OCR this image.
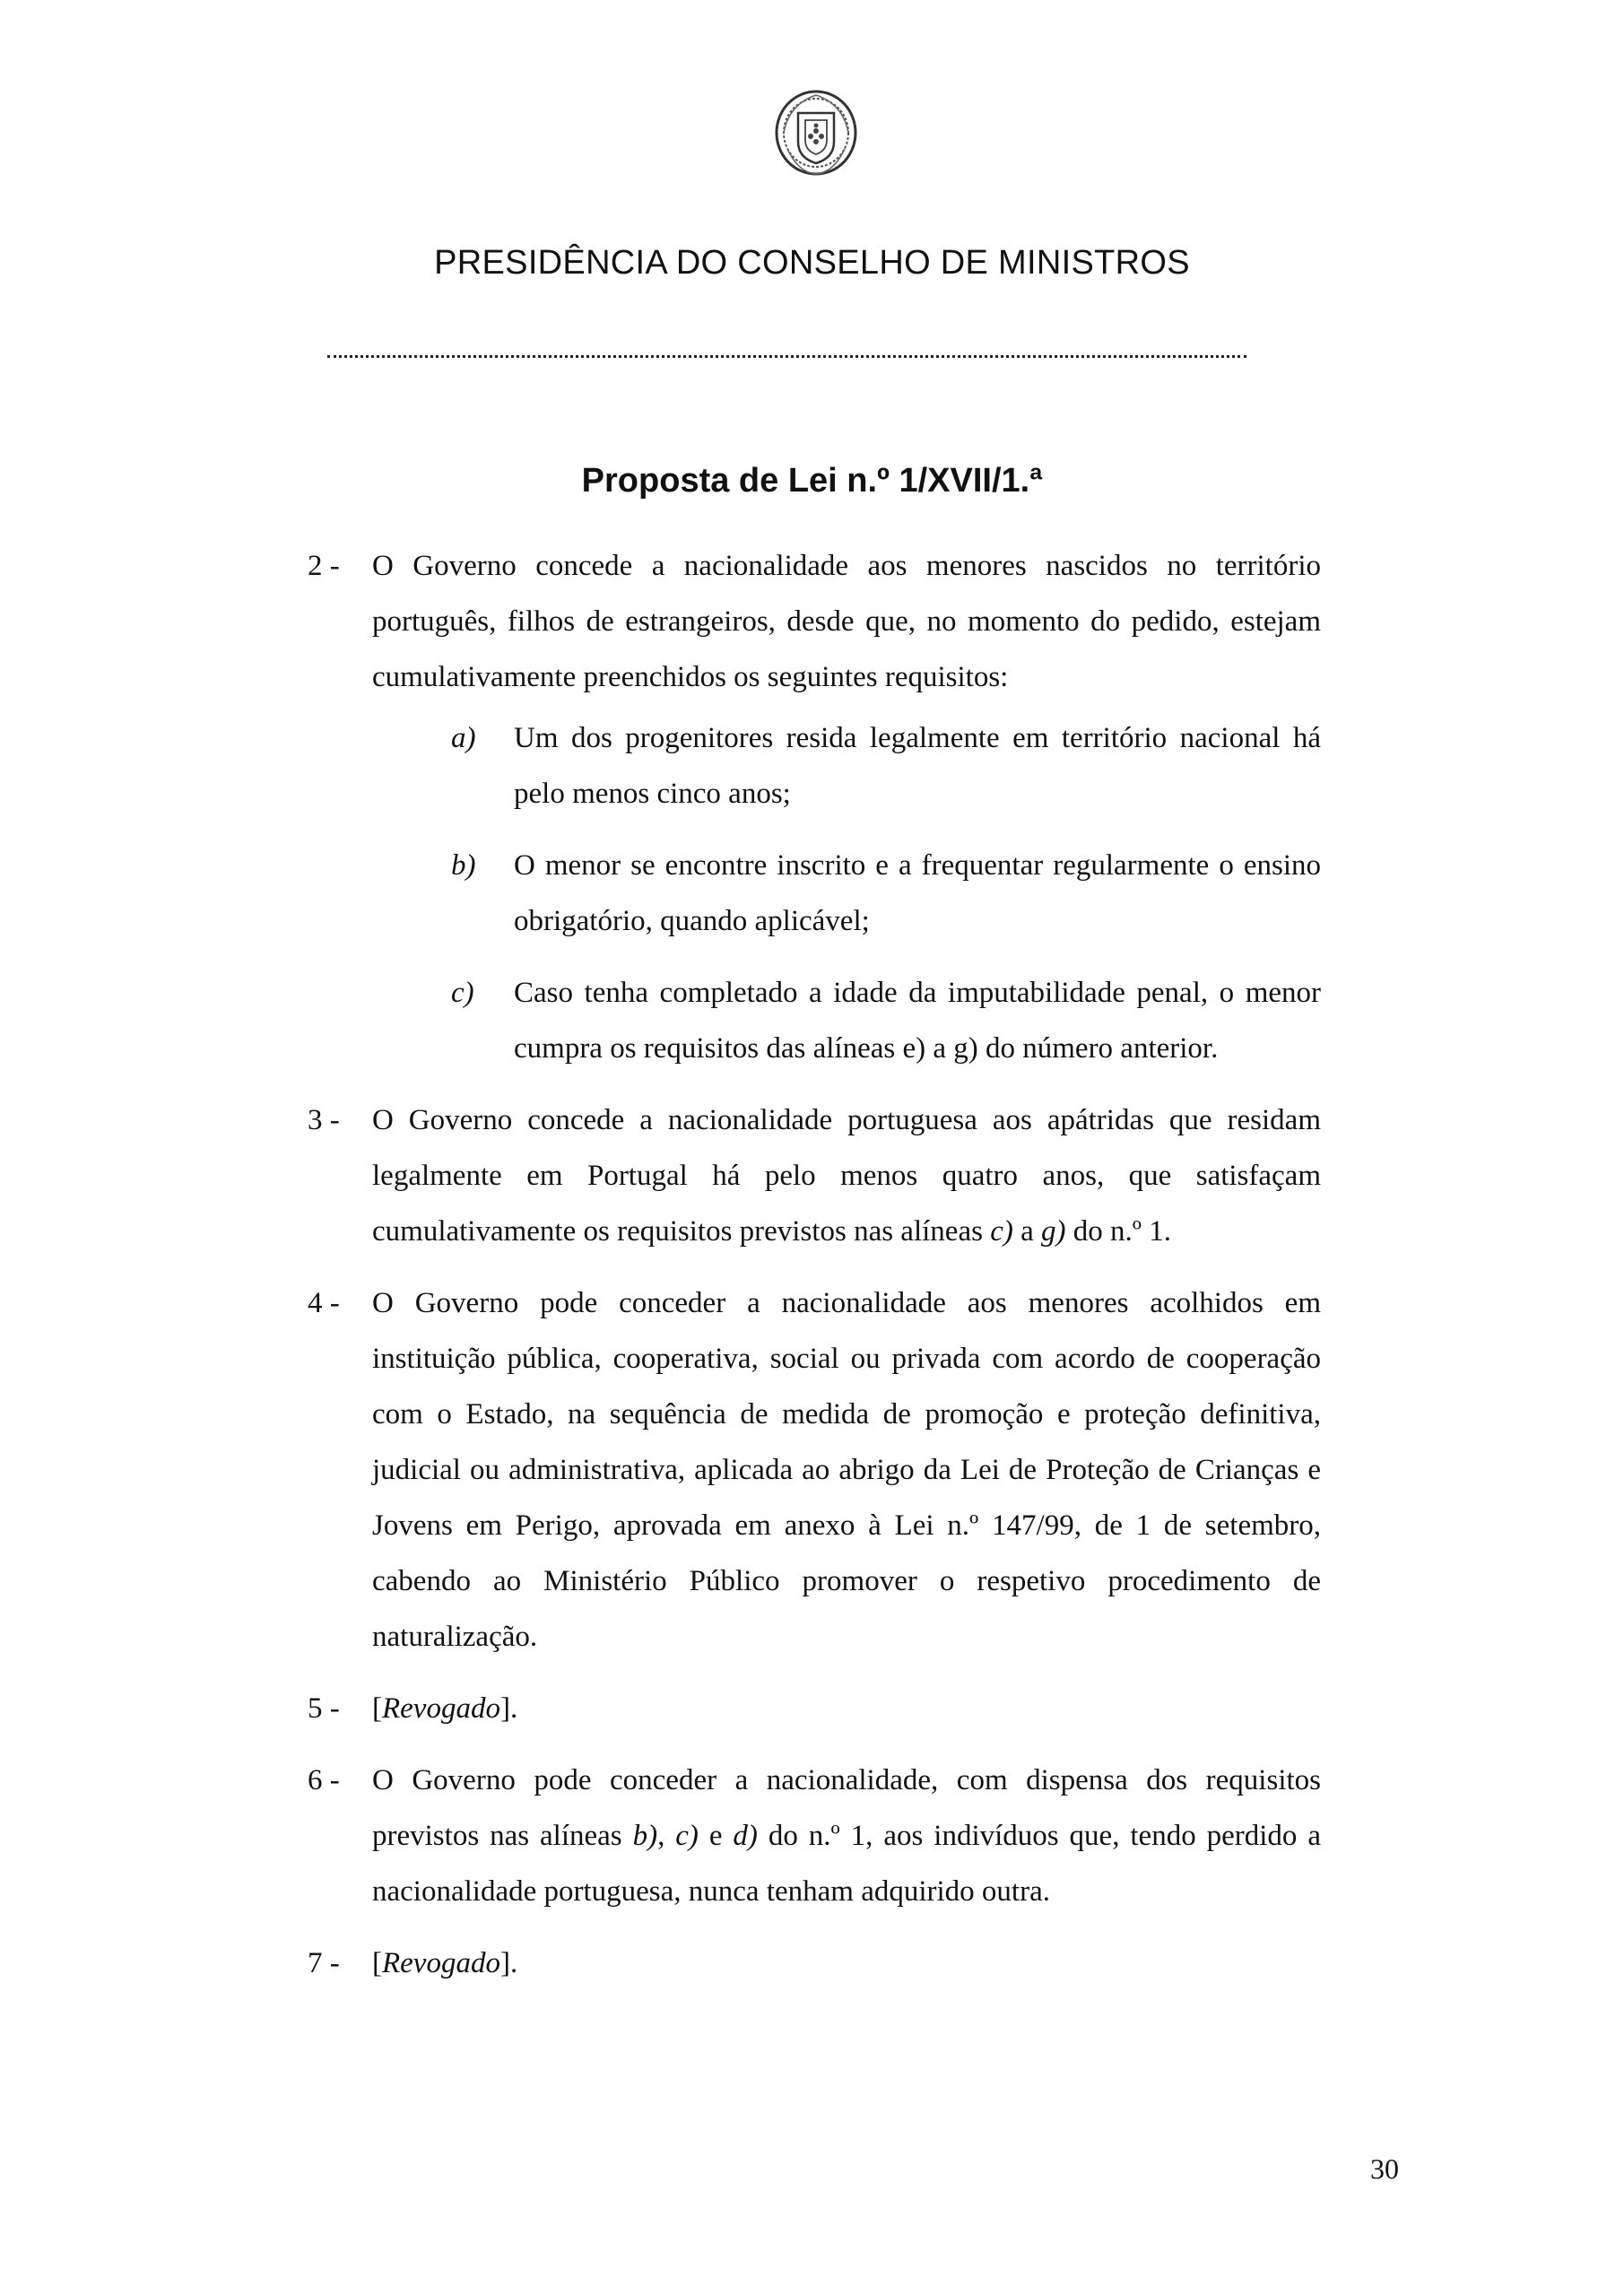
PRESIDÊNCIA DO CONSELHO DE MINISTROS
Proposta de Lei n.º 1/XVII/1.ª
2 - O Governo concede a nacionalidade aos menores nascidos no território português, filhos de estrangeiros, desde que, no momento do pedido, estejam cumulativamente preenchidos os seguintes requisitos:
a) Um dos progenitores resida legalmente em território nacional há pelo menos cinco anos;
b) O menor se encontre inscrito e a frequentar regularmente o ensino obrigatório, quando aplicável;
c) Caso tenha completado a idade da imputabilidade penal, o menor cumpra os requisitos das alíneas e) a g) do número anterior.
3 - O Governo concede a nacionalidade portuguesa aos apátridas que residam legalmente em Portugal há pelo menos quatro anos, que satisfaçam cumulativamente os requisitos previstos nas alíneas c) a g) do n.º 1.
4 - O Governo pode conceder a nacionalidade aos menores acolhidos em instituição pública, cooperativa, social ou privada com acordo de cooperação com o Estado, na sequência de medida de promoção e proteção definitiva, judicial ou administrativa, aplicada ao abrigo da Lei de Proteção de Crianças e Jovens em Perigo, aprovada em anexo à Lei n.º 147/99, de 1 de setembro, cabendo ao Ministério Público promover o respetivo procedimento de naturalização.
5 - [Revogado].
6 - O Governo pode conceder a nacionalidade, com dispensa dos requisitos previstos nas alíneas b), c) e d) do n.º 1, aos indivíduos que, tendo perdido a nacionalidade portuguesa, nunca tenham adquirido outra.
7 - [Revogado].
30
